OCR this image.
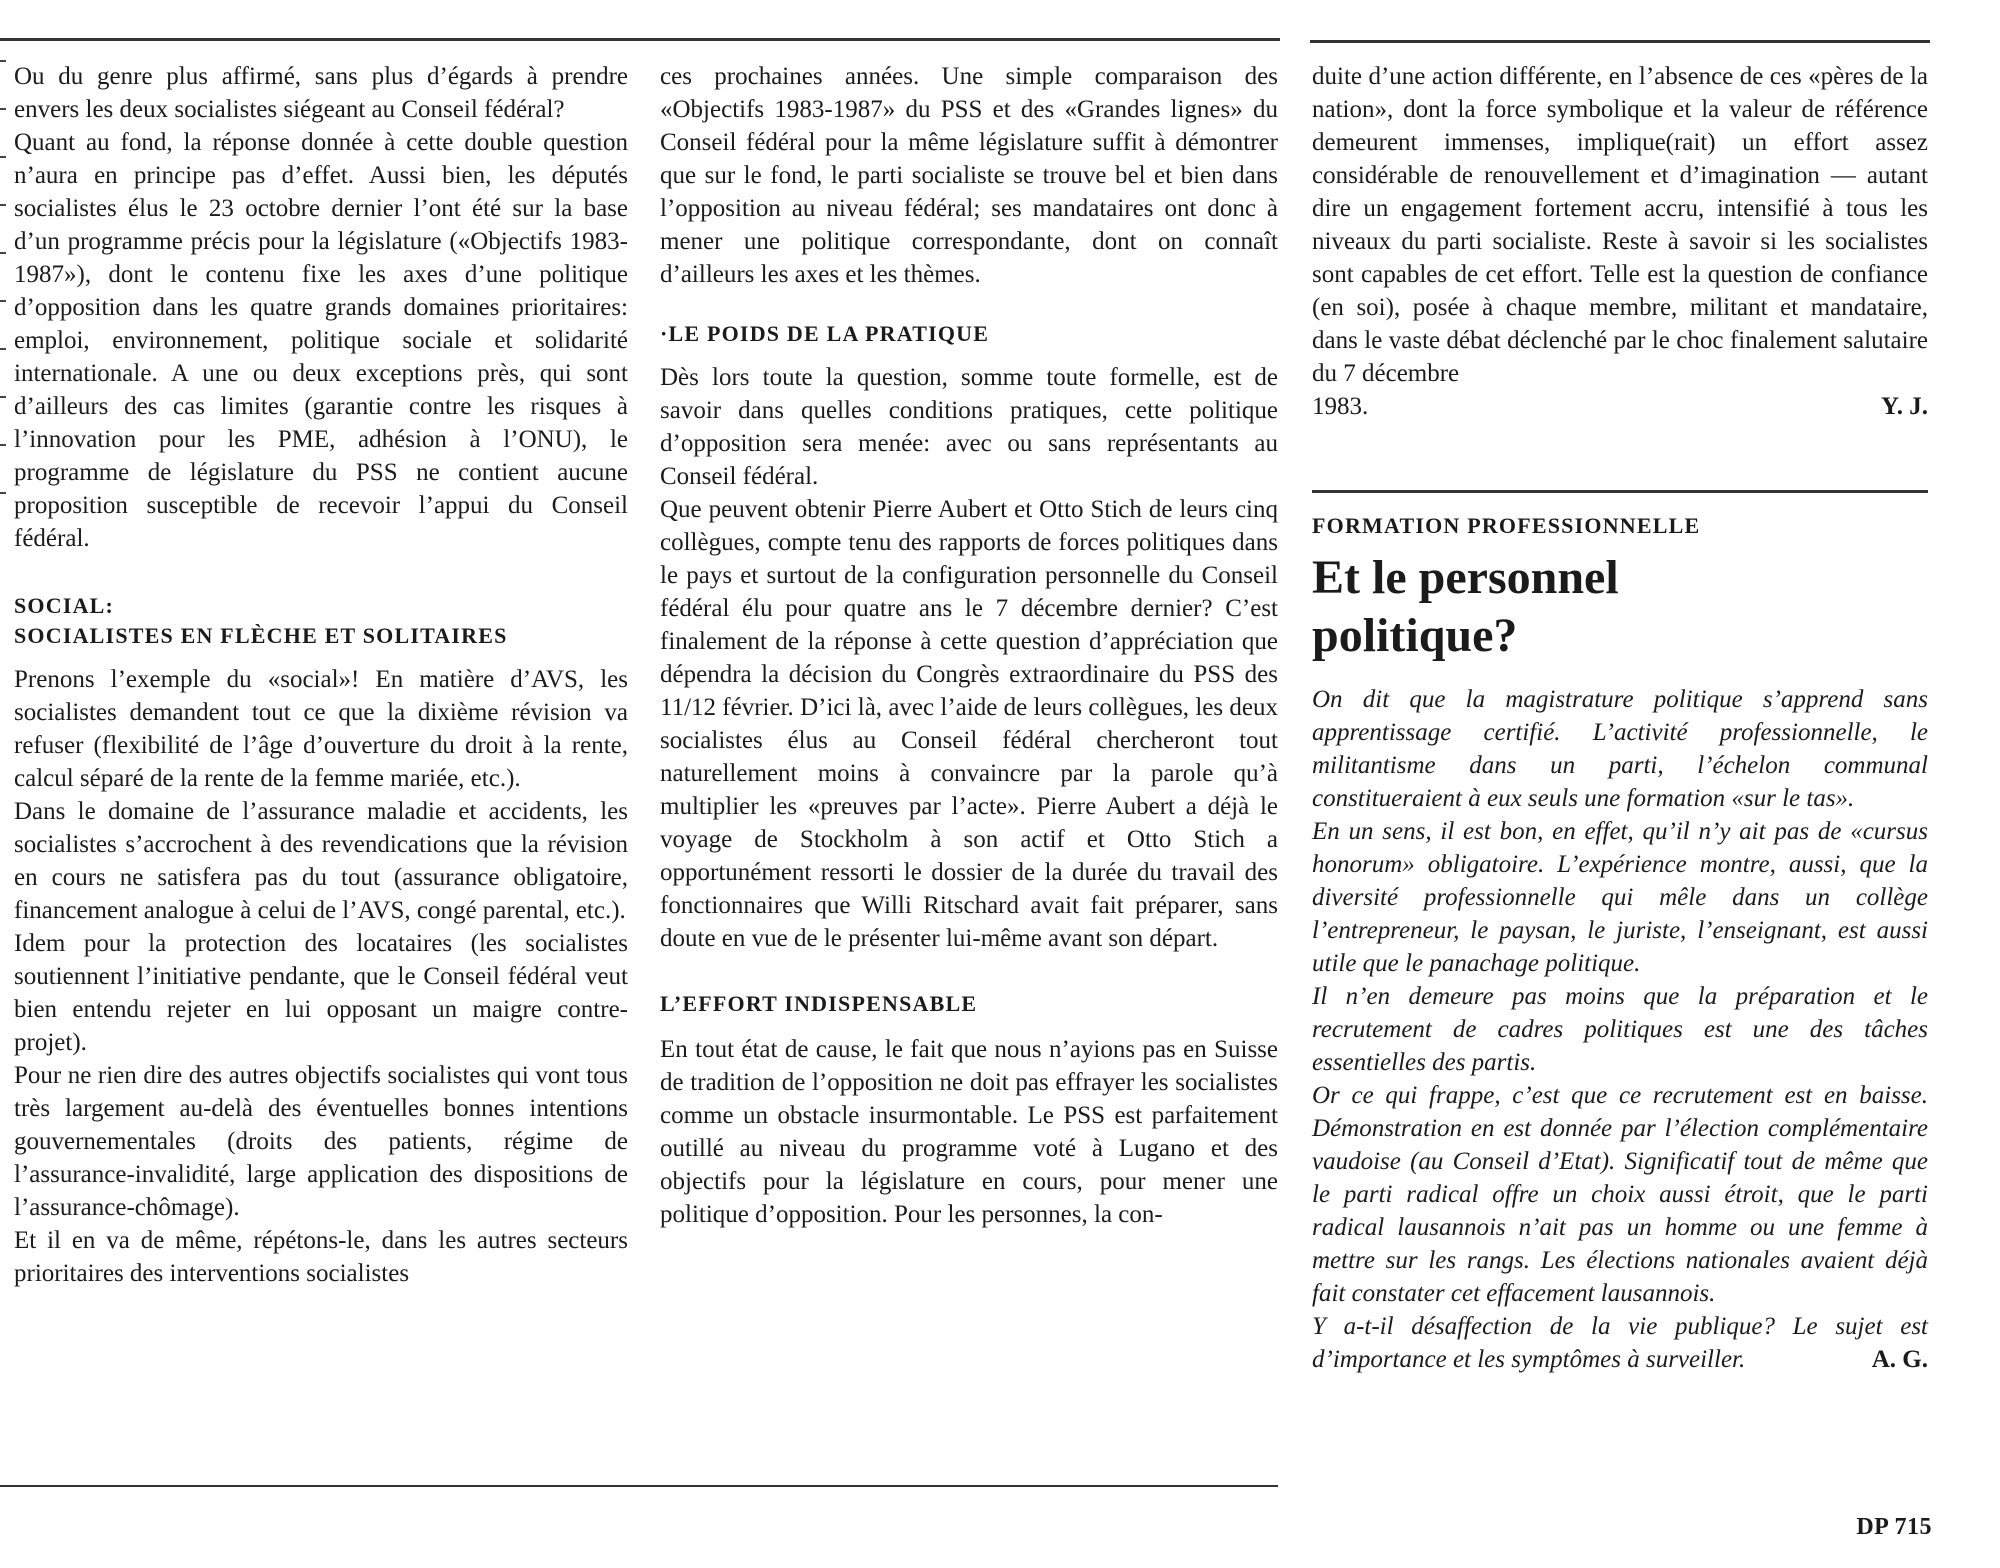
Ou du genre plus affirmé, sans plus d’égards à prendre envers les deux socialistes siégeant au Conseil fédéral?

Quant au fond, la réponse donnée à cette double question n’aura en principe pas d’effet. Aussi bien, les députés socialistes élus le 23 octobre dernier l’ont été sur la base d’un programme précis pour la législature («Objectifs 1983-1987»), dont le contenu fixe les axes d’une politique d’opposition dans les quatre grands domaines prioritaires: emploi, environnement, politique sociale et solidarité internationale. A une ou deux exceptions près, qui sont d’ailleurs des cas limites (garantie contre les risques à l’innovation pour les PME, adhésion à l’ONU), le programme de législature du PSS ne contient aucune proposition susceptible de recevoir l’appui du Conseil fédéral.

SOCIAL:
SOCIALISTES EN FLÈCHE ET SOLITAIRES

Prenons l’exemple du «social»! En matière d’AVS, les socialistes demandent tout ce que la dixième révision va refuser (flexibilité de l’âge d’ouverture du droit à la rente, calcul séparé de la rente de la femme mariée, etc.).

Dans le domaine de l’assurance maladie et accidents, les socialistes s’accrochent à des revendications que la révision en cours ne satisfera pas du tout (assurance obligatoire, financement analogue à celui de l’AVS, congé parental, etc.).

Idem pour la protection des locataires (les socialistes soutiennent l’initiative pendante, que le Conseil fédéral veut bien entendu rejeter en lui opposant un maigre contre-projet).

Pour ne rien dire des autres objectifs socialistes qui vont tous très largement au-delà des éventuelles bonnes intentions gouvernementales (droits des patients, régime de l’assurance-invalidité, large application des dispositions de l’assurance-chômage).

Et il en va de même, répétons-le, dans les autres secteurs prioritaires des interventions socialistes

ces prochaines années. Une simple comparaison des «Objectifs 1983-1987» du PSS et des «Grandes lignes» du Conseil fédéral pour la même législature suffit à démontrer que sur le fond, le parti socialiste se trouve bel et bien dans l’opposition au niveau fédéral; ses mandataires ont donc à mener une politique correspondante, dont on connaît d’ailleurs les axes et les thèmes.

·LE POIDS DE LA PRATIQUE

Dès lors toute la question, somme toute formelle, est de savoir dans quelles conditions pratiques, cette politique d’opposition sera menée: avec ou sans représentants au Conseil fédéral.

Que peuvent obtenir Pierre Aubert et Otto Stich de leurs cinq collègues, compte tenu des rapports de forces politiques dans le pays et surtout de la configuration personnelle du Conseil fédéral élu pour quatre ans le 7 décembre dernier? C’est finalement de la réponse à cette question d’appréciation que dépendra la décision du Congrès extraordinaire du PSS des 11/12 février. D’ici là, avec l’aide de leurs collègues, les deux socialistes élus au Conseil fédéral chercheront tout naturellement moins à convaincre par la parole qu’à multiplier les «preuves par l’acte». Pierre Aubert a déjà le voyage de Stockholm à son actif et Otto Stich a opportunément ressorti le dossier de la durée du travail des fonctionnaires que Willi Ritschard avait fait préparer, sans doute en vue de le présenter lui-même avant son départ.

L’EFFORT INDISPENSABLE

En tout état de cause, le fait que nous n’ayions pas en Suisse de tradition de l’opposition ne doit pas effrayer les socialistes comme un obstacle insurmontable. Le PSS est parfaitement outillé au niveau du programme voté à Lugano et des objectifs pour la législature en cours, pour mener une politique d’opposition. Pour les personnes, la con-

duite d’une action différente, en l’absence de ces «pères de la nation», dont la force symbolique et la valeur de référence demeurent immenses, implique(rait) un effort assez considérable de renouvellement et d’imagination — autant dire un engagement fortement accru, intensifié à tous les niveaux du parti socialiste. Reste à savoir si les socialistes sont capables de cet effort. Telle est la question de confiance (en soi), posée à chaque membre, militant et mandataire, dans le vaste débat déclenché par le choc finalement salutaire du 7 décembre

1983.	Y. J.

FORMATION PROFESSIONNELLE
Et le personnel
politique?

On dit que la magistrature politique s’apprend sans apprentissage certifié. L’activité professionnelle, le militantisme dans un parti, l’échelon communal constitueraient à eux seuls une formation «sur le tas».

En un sens, il est bon, en effet, qu’il n’y ait pas de «cursus honorum» obligatoire. L’expérience montre, aussi, que la diversité professionnelle qui mêle dans un collège l’entrepreneur, le paysan, le juriste, l’enseignant, est aussi utile que le panachage politique.

Il n’en demeure pas moins que la préparation et le recrutement de cadres politiques est une des tâches essentielles des partis.

Or ce qui frappe, c’est que ce recrutement est en baisse. Démonstration en est donnée par l’élection complémentaire vaudoise (au Conseil d’Etat). Significatif tout de même que le parti radical offre un choix aussi étroit, que le parti radical lausannois n’ait pas un homme ou une femme à mettre sur les rangs. Les élections nationales avaient déjà fait constater cet effacement lausannois.

Y a-t-il désaffection de la vie publique? Le sujet est d’importance et les symptômes à surveiller.	A. G.

DP 715
